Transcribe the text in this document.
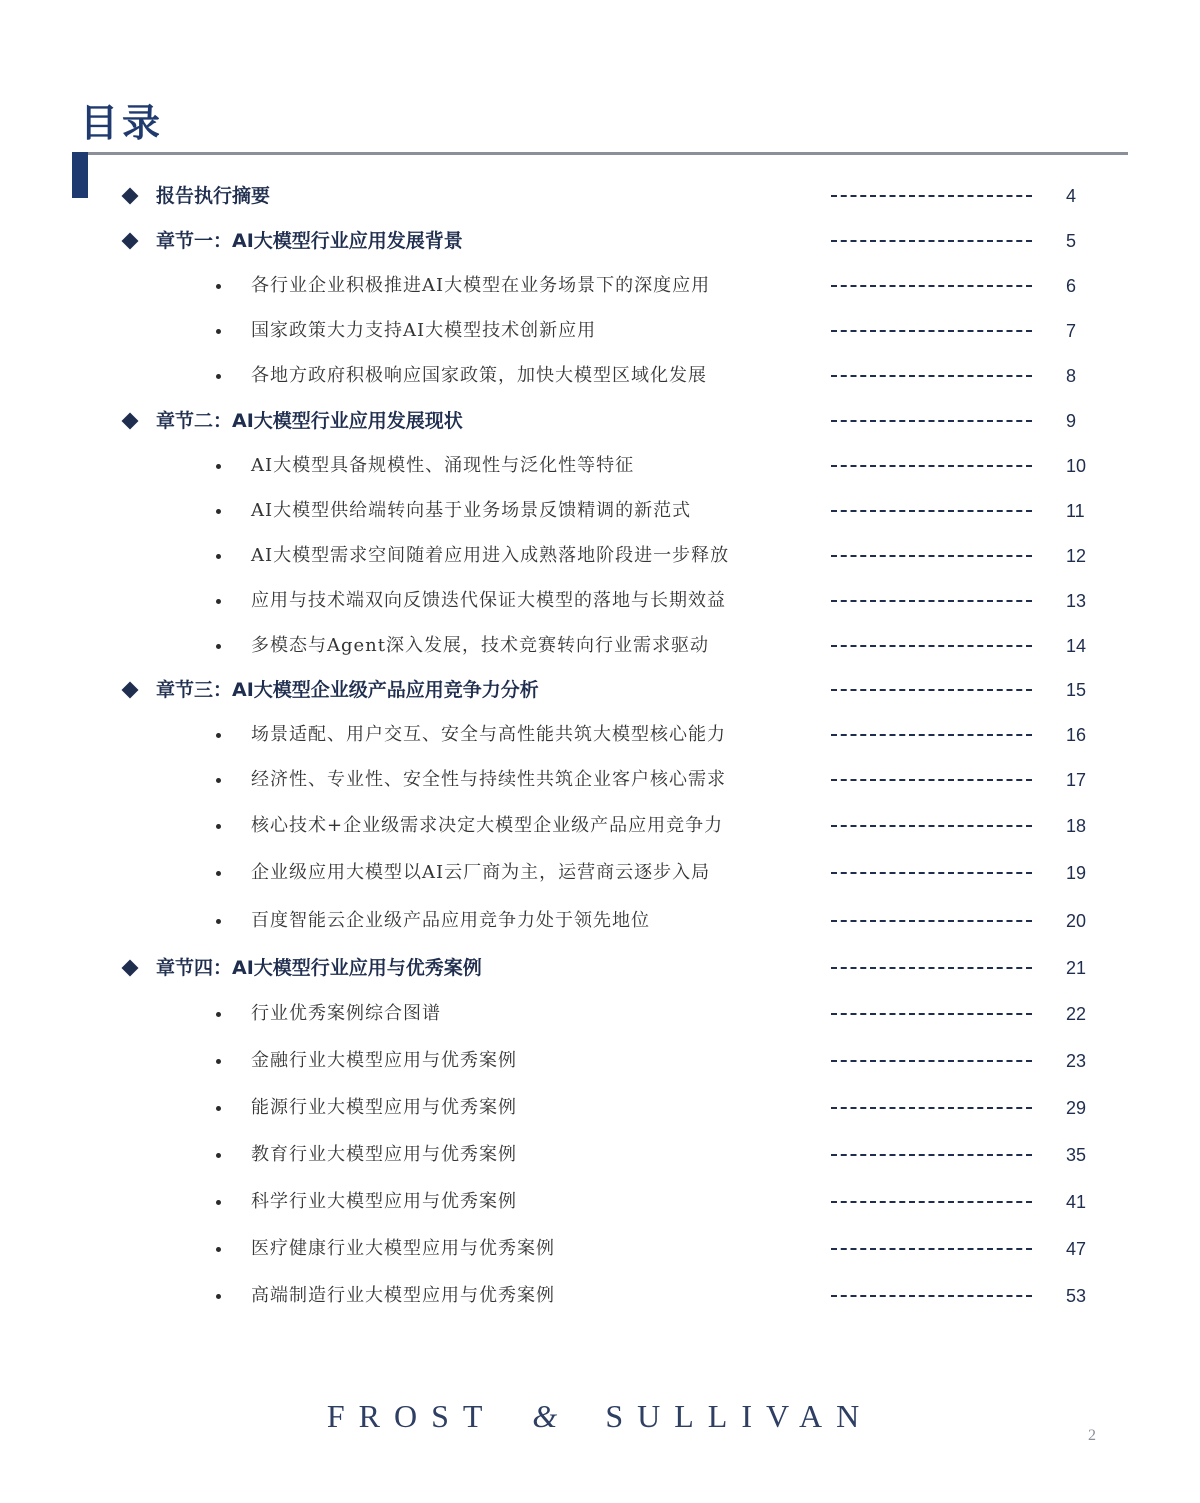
目录
报告执行摘要	4
章节一：AI大模型行业应用发展背景	5
各行业企业积极推进AI大模型在业务场景下的深度应用	6
国家政策大力支持AI大模型技术创新应用	7
各地方政府积极响应国家政策，加快大模型区域化发展	8
章节二：AI大模型行业应用发展现状	9
AI大模型具备规模性、涌现性与泛化性等特征	10
AI大模型供给端转向基于业务场景反馈精调的新范式	11
AI大模型需求空间随着应用进入成熟落地阶段进一步释放	12
应用与技术端双向反馈迭代保证大模型的落地与长期效益	13
多模态与Agent深入发展，技术竞赛转向行业需求驱动	14
章节三：AI大模型企业级产品应用竞争力分析	15
场景适配、用户交互、安全与高性能共筑大模型核心能力	16
经济性、专业性、安全性与持续性共筑企业客户核心需求	17
核心技术+企业级需求决定大模型企业级产品应用竞争力	18
企业级应用大模型以AI云厂商为主，运营商云逐步入局	19
百度智能云企业级产品应用竞争力处于领先地位	20
章节四：AI大模型行业应用与优秀案例	21
行业优秀案例综合图谱	22
金融行业大模型应用与优秀案例	23
能源行业大模型应用与优秀案例	29
教育行业大模型应用与优秀案例	35
科学行业大模型应用与优秀案例	41
医疗健康行业大模型应用与优秀案例	47
高端制造行业大模型应用与优秀案例	53
FROST & SULLIVAN
2
